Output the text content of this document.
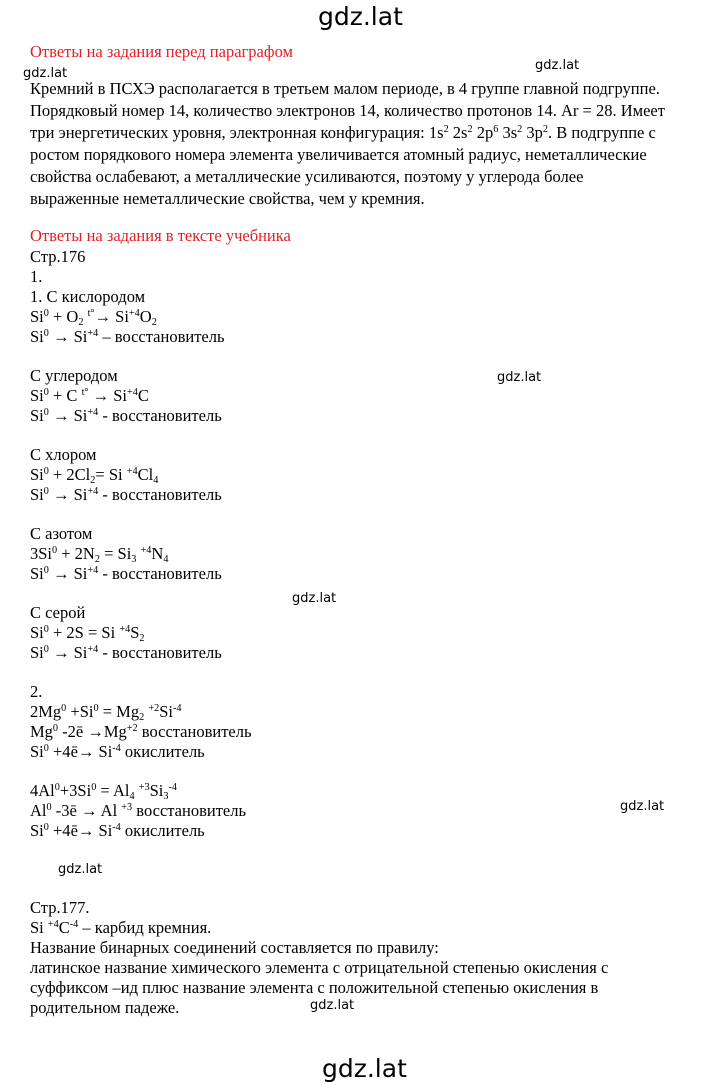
gdz.lat
gdz.lat
gdz.lat
gdz.lat
gdz.lat
gdz.lat
gdz.lat
gdz.lat
gdz.lat
Ответы на задания перед параграфом
Кремний в ПСХЭ располагается в третьем малом периоде, в 4 группе главной подгруппе.
Порядковый номер 14, количество электронов 14, количество протонов 14. Ar = 28. Имеет
три энергетических уровня, электронная конфигурация: $1s^2$ $2s^2$ $2p^6$ $3s^2$ $3p^2$. В подгруппе с
ростом порядкового номера элемента увеличивается атомный радиус, неметаллические
свойства ослабевают, а металлические усиливаются, поэтому у углерода более
выраженные неметаллические свойства, чем у кремния.
Ответы на задания в тексте учебника
Стр.176
1.
1. С кислородом
$Si^0 + O_2$ $^{t^\circ}\to Si^{+4}O_2$
$Si^0 \to Si^{+4}$ – восстановитель
С углеродом
$Si^0 + C$ $^{t^\circ} \to Si^{+4}C$
$Si^0 \to Si^{+4}$ - восстановитель
С хлором
$Si^0 + 2Cl_2= Si$ $^{+4}Cl_4$
$Si^0 \to Si^{+4}$ - восстановитель
С азотом
$3Si^0 + 2N_2 = Si_3$ $^{+4}N_4$
$Si^0 \to Si^{+4}$ - восстановитель
С серой
$Si^0 + 2S = Si$ $^{+4}S_2$
$Si^0 \to Si^{+4}$ - восстановитель
2.
$2Mg^0 +Si^0 = Mg_2$ $^{+2}Si^{-4}$
Mg$^0$ -2ē $\to Mg^{+2}$ восстановитель
$Si^0$ +4ē→ $Si^{-4}$ окислитель
$4Al^0+3Si^0 = Al_4$ $^{+3}Si_3^{-4}$
Al$^0$ -3ē → Al $^{+3}$ восстановитель
$Si^0$ +4ē→ $Si^{-4}$ окислитель
Стр.177.
Si $^{+4}C^{-4}$ – карбид кремния.
Название бинарных соединений составляется по правилу:
латинское название химического элемента с отрицательной степенью окисления с
суффиксом –ид плюс название элемента с положительной степенью окисления в
родительном падеже.
